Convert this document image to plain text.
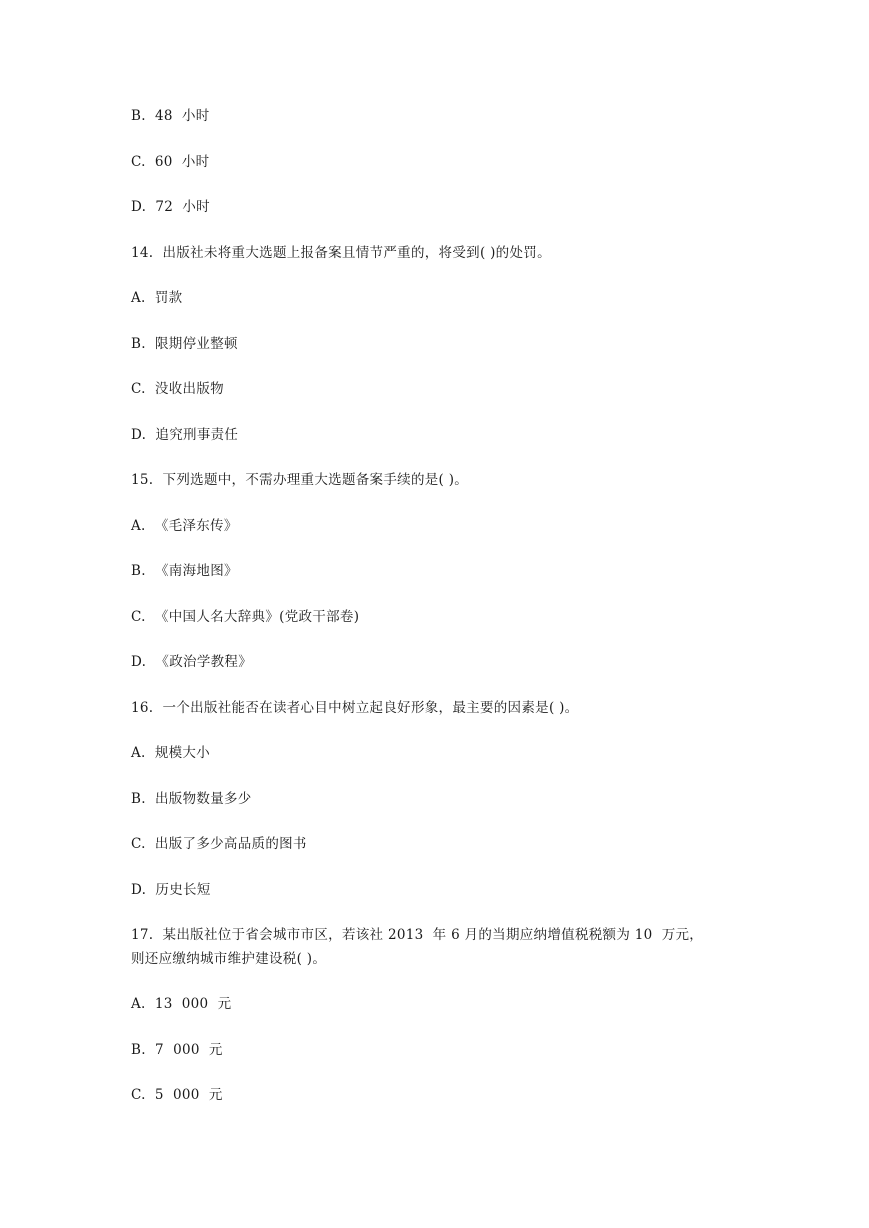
B.  48  小时
C.  60  小时
D.  72  小时
14.  出版社未将重大选题上报备案且情节严重的，将受到( )的处罚。
A.  罚款
B.  限期停业整顿
C.  没收出版物
D.  追究刑事责任
15.  下列选题中，不需办理重大选题备案手续的是( )。
A.  《毛泽东传》
B.  《南海地图》
C.  《中国人名大辞典》(党政干部卷)
D.  《政治学教程》
16.  一个出版社能否在读者心目中树立起良好形象，最主要的因素是( )。
A.  规模大小
B.  出版物数量多少
C.  出版了多少高品质的图书
D.  历史长短
17.  某出版社位于省会城市市区，若该社 2013  年 6 月的当期应纳增值税税额为 10  万元，
则还应缴纳城市维护建设税( )。
A.  13  000  元
B.  7  000  元
C.  5  000  元
